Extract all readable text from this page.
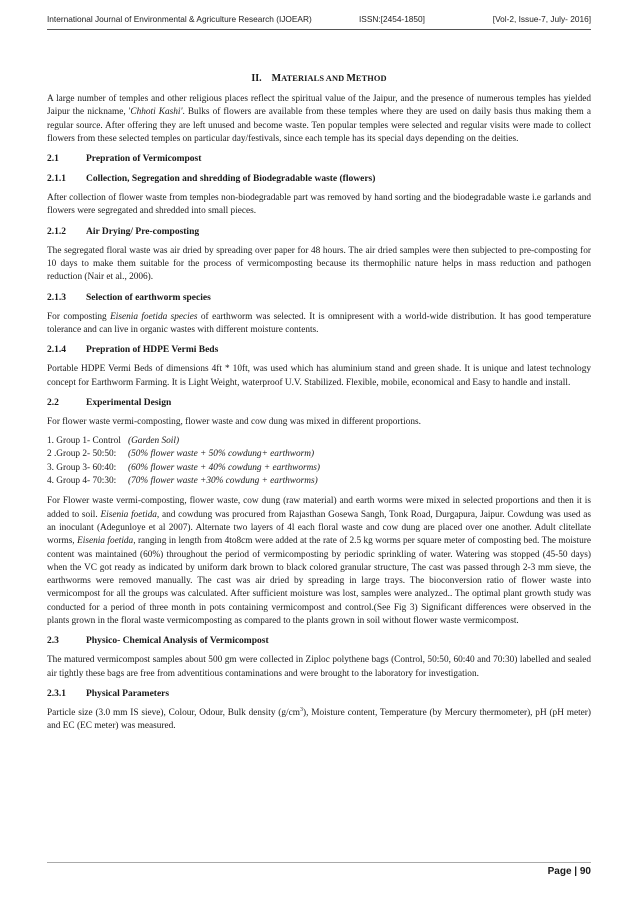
International Journal of Environmental & Agriculture Research (IJOEAR)	ISSN:[2454-1850]	[Vol-2, Issue-7, July- 2016]
II. MATERIALS AND METHOD

A large number of temples and other religious places reflect the spiritual value of the Jaipur, and the presence of numerous temples has yielded Jaipur the nickname, 'Chhoti Kashi'. Bulks of flowers are available from these temples where they are used on daily basis thus making them a regular source. After offering they are left unused and become waste. Ten popular temples were selected and regular visits were made to collect flowers from these selected temples on particular day/festivals, since each temple has its special days depending on the deities.

2.1	Prepration of Vermicompost
2.1.1 Collection, Segregation and shredding of Biodegradable waste (flowers)

After collection of flower waste from temples non-biodegradable part was removed by hand sorting and the biodegradable waste i.e garlands and flowers were segregated and shredded into small pieces.

2.1.2 Air Drying/ Pre-composting

The segregated floral waste was air dried by spreading over paper for 48 hours. The air dried samples were then subjected to pre-composting for 10 days to make them suitable for the process of vermicomposting because its thermophilic nature helps in mass reduction and pathogen reduction (Nair et al., 2006).

2.1.3 Selection of earthworm species

For composting Eisenia foetida species of earthworm was selected. It is omnipresent with a world-wide distribution. It has good temperature tolerance and can live in organic wastes with different moisture contents.

2.1.4 Prepration of HDPE Vermi Beds

Portable HDPE Vermi Beds of dimensions 4ft * 10ft, was used which has aluminium stand and green shade. It is unique and latest technology concept for Earthworm Farming. It is Light Weight, waterproof U.V. Stabilized. Flexible, mobile, economical and Easy to handle and install.

2.2	Experimental Design

For flower waste vermi-composting, flower waste and cow dung was mixed in different proportions.

1. Group 1- Control (Garden Soil)
2 .Group 2- 50:50: (50% flower waste + 50% cowdung+ earthworm)
3. Group 3- 60:40: (60% flower waste + 40% cowdung + earthworms)
4. Group 4- 70:30: (70% flower waste +30% cowdung + earthworms)

For Flower waste vermi-composting, flower waste, cow dung (raw material) and earth worms were mixed in selected proportions and then it is added to soil. Eisenia foetida, and cowdung was procured from Rajasthan Gosewa Sangh, Tonk Road, Durgapura, Jaipur. Cowdung was used as an inoculant (Adegunloye et al 2007). Alternate two layers of 4l each floral waste and cow dung are placed over one another. Adult clitellate worms, Eisenia foetida, ranging in length from 4to8cm were added at the rate of 2.5 kg worms per square meter of composting bed. The moisture content was maintained (60%) throughout the period of vermicomposting by periodic sprinkling of water. Watering was stopped (45-50 days) when the VC got ready as indicated by uniform dark brown to black colored granular structure, The cast was passed through 2-3 mm sieve, the earthworms were removed manually. The cast was air dried by spreading in large trays. The bioconversion ratio of flower waste into vermicompost for all the groups was calculated. After sufficient moisture was lost, samples were analyzed.. The optimal plant growth study was conducted for a period of three month in pots containing vermicompost and control.(See Fig 3) Significant differences were observed in the plants grown in the floral waste vermicomposting as compared to the plants grown in soil without flower waste vermicompost.

2.3	Physico- Chemical Analysis of Vermicompost

The matured vermicompost samples about 500 gm were collected in Ziploc polythene bags (Control, 50:50, 60:40 and 70:30) labelled and sealed air tightly these bags are free from adventitious contaminations and were brought to the laboratory for investigation.

2.3.1 Physical Parameters

Particle size (3.0 mm IS sieve), Colour, Odour, Bulk density $(g/cm^3)$, Moisture content, Temperature (by Mercury thermometer), pH (pH meter) and EC (EC meter) was measured.

Page | 90
